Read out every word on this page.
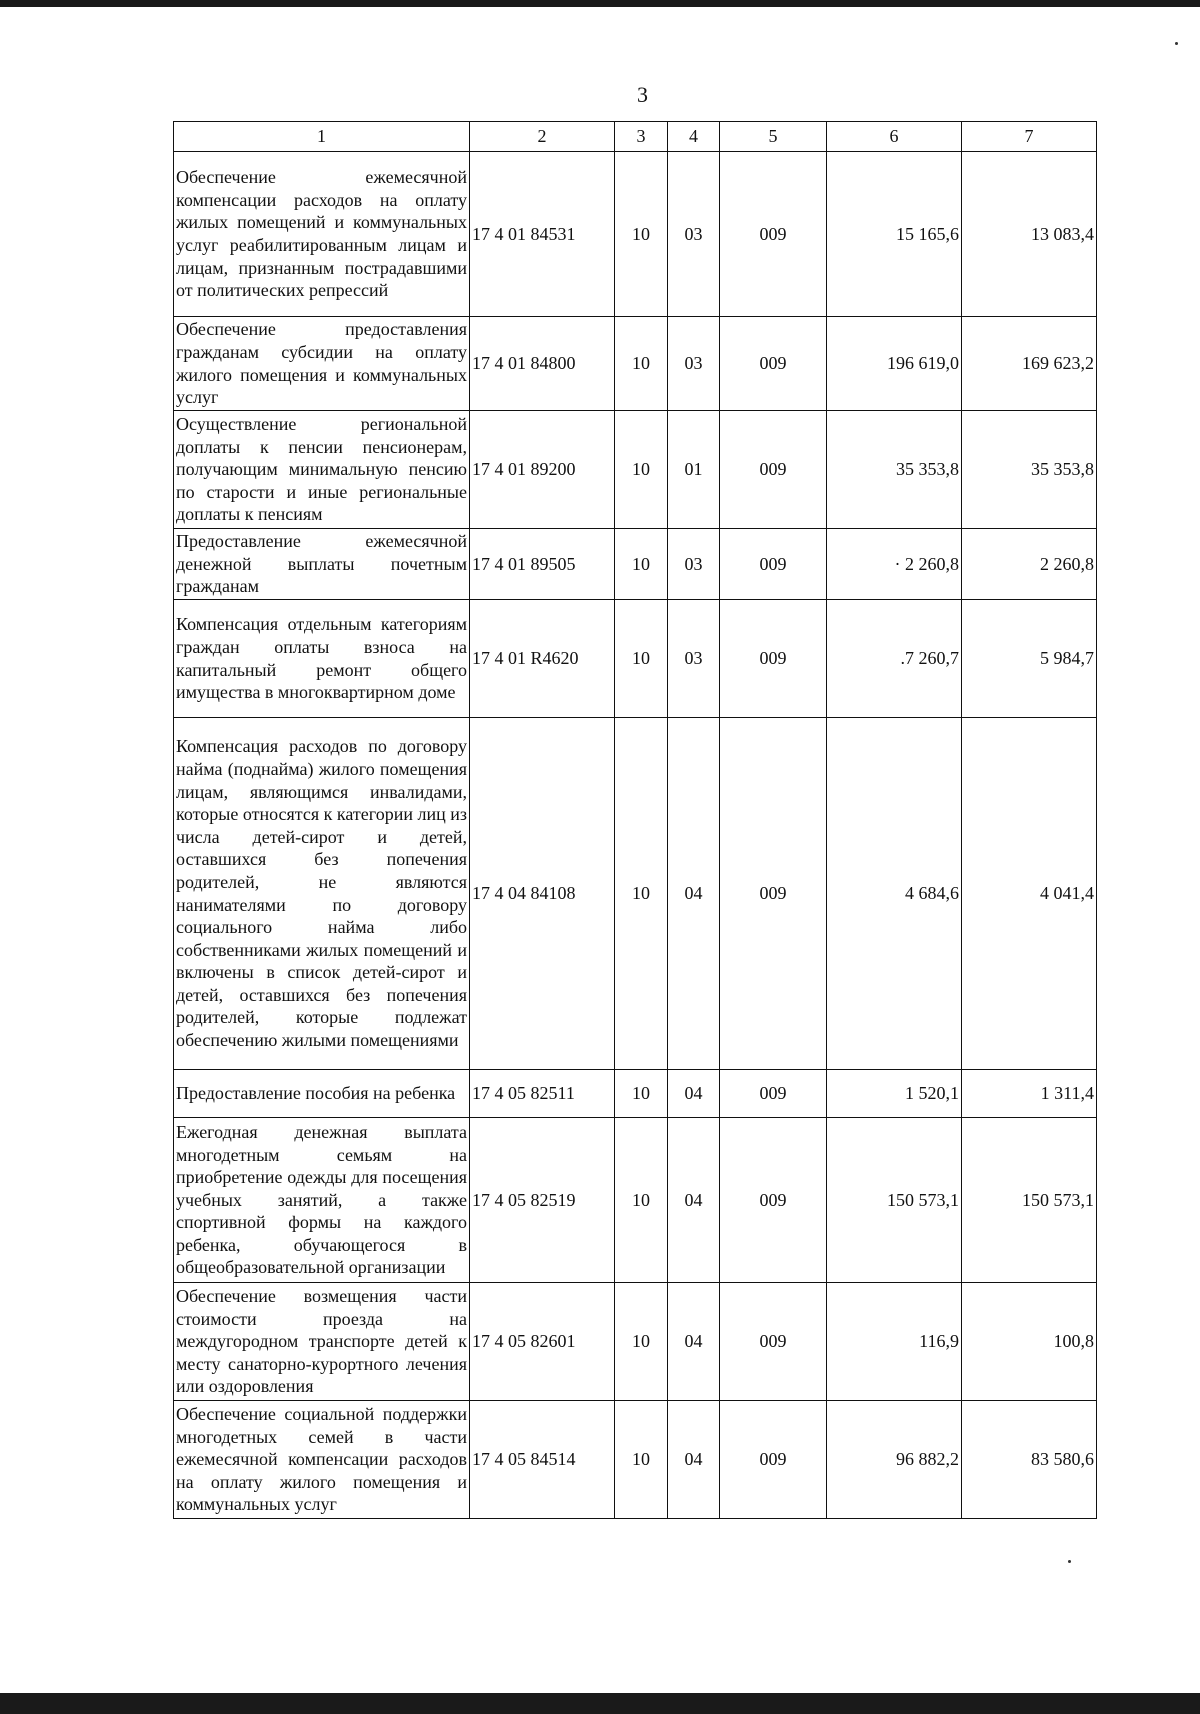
3
1	2	3	4	5	6	7
Обеспечение ежемесячной компенсации расходов на оплату жилых помещений и коммунальных услуг реабилитированным лицам и лицам, признанным пострадавшими от политических репрессий	17 4 01 84531	10	03	009	15 165,6	13 083,4
Обеспечение предоставления гражданам субсидии на оплату жилого помещения и коммунальных услуг	17 4 01 84800	10	03	009	196 619,0	169 623,2
Осуществление региональной доплаты к пенсии пенсионерам, получающим минимальную пенсию по старости и иные региональные доплаты к пенсиям	17 4 01 89200	10	01	009	35 353,8	35 353,8
Предоставление ежемесячной денежной выплаты почетным гражданам	17 4 01 89505	10	03	009	· 2 260,8	2 260,8
Компенсация отдельным категориям граждан оплаты взноса на капитальный ремонт общего имущества в многоквартирном доме	17 4 01 R4620	10	03	009	.7 260,7	5 984,7
Компенсация расходов по договору найма (поднайма) жилого помещения лицам, являющимся инвалидами, которые относятся к категории лиц из числа детей-сирот и детей, оставшихся без попечения родителей, не являются нанимателями по договору социального найма либо собственниками жилых помещений и включены в список детей-сирот и детей, оставшихся без попечения родителей, которые подлежат обеспечению жилыми помещениями	17 4 04 84108	10	04	009	4 684,6	4 041,4
Предоставление пособия на ребенка	17 4 05 82511	10	04	009	1 520,1	1 311,4
Ежегодная денежная выплата многодетным семьям на приобретение одежды для посещения учебных занятий, а также спортивной формы на каждого ребенка, обучающегося в общеобразовательной организации	17 4 05 82519	10	04	009	150 573,1	150 573,1
Обеспечение возмещения части стоимости проезда на междугородном транспорте детей к месту санаторно-курортного лечения или оздоровления	17 4 05 82601	10	04	009	116,9	100,8
Обеспечение социальной поддержки многодетных семей в части ежемесячной компенсации расходов на оплату жилого помещения и коммунальных услуг	17 4 05 84514	10	04	009	96 882,2	83 580,6
